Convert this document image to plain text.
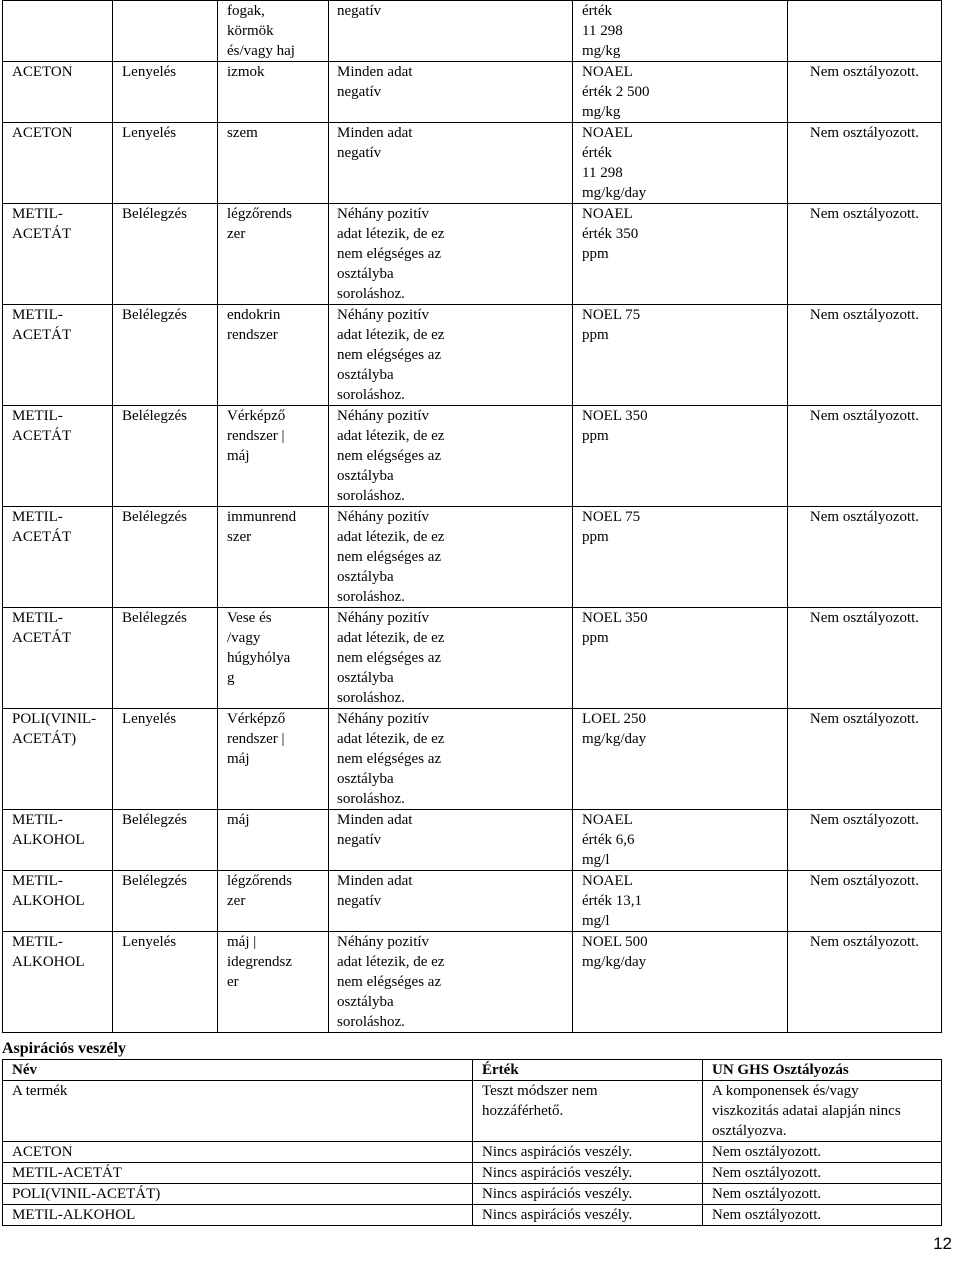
		fogak,
körmök
és/vagy haj	negatív	érték
11 298
mg/kg	

ACETON	Lenyelés	izmok	Minden adat
negatív	NOAEL
érték 2 500
mg/kg	Nem osztályozott.

ACETON	Lenyelés	szem	Minden adat
negatív	NOAEL
érték
11 298
mg/kg/day	Nem osztályozott.

METIL-
ACETÁT	Belélegzés	légzőrends
zer	Néhány pozitív
adat létezik, de ez
nem elégséges az
osztályba
soroláshoz.	NOAEL
érték 350
ppm	Nem osztályozott.

METIL-
ACETÁT	Belélegzés	endokrin
rendszer	Néhány pozitív
adat létezik, de ez
nem elégséges az
osztályba
soroláshoz.	NOEL 75
ppm	Nem osztályozott.

METIL-
ACETÁT	Belélegzés	Vérképző
rendszer |
máj	Néhány pozitív
adat létezik, de ez
nem elégséges az
osztályba
soroláshoz.	NOEL 350
ppm	Nem osztályozott.

METIL-
ACETÁT	Belélegzés	immunrend
szer	Néhány pozitív
adat létezik, de ez
nem elégséges az
osztályba
soroláshoz.	NOEL 75
ppm	Nem osztályozott.

METIL-
ACETÁT	Belélegzés	Vese és
/vagy
húgyhólya
g	Néhány pozitív
adat létezik, de ez
nem elégséges az
osztályba
soroláshoz.	NOEL 350
ppm	Nem osztályozott.

POLI(VINIL-
ACETÁT)	Lenyelés	Vérképző
rendszer |
máj	Néhány pozitív
adat létezik, de ez
nem elégséges az
osztályba
soroláshoz.	LOEL 250
mg/kg/day	Nem osztályozott.

METIL-
ALKOHOL	Belélegzés	máj	Minden adat
negatív	NOAEL
érték 6,6
mg/l	Nem osztályozott.

METIL-
ALKOHOL	Belélegzés	légzőrends
zer	Minden adat
negatív	NOAEL
érték 13,1
mg/l	Nem osztályozott.

METIL-
ALKOHOL	Lenyelés	máj |
idegrendsz
er	Néhány pozitív
adat létezik, de ez
nem elégséges az
osztályba
soroláshoz.	NOEL 500
mg/kg/day	Nem osztályozott.
Aspirációs veszély
Név	Érték	UN GHS Osztályozás

A termék	Teszt módszer nem
hozzáférhető.	A komponensek és/vagy
viszkozitás adatai alapján nincs
osztályozva.

ACETON	Nincs aspirációs veszély.	Nem osztályozott.

METIL-ACETÁT	Nincs aspirációs veszély.	Nem osztályozott.

POLI(VINIL-ACETÁT)	Nincs aspirációs veszély.	Nem osztályozott.

METIL-ALKOHOL	Nincs aspirációs veszély.	Nem osztályozott.
12
